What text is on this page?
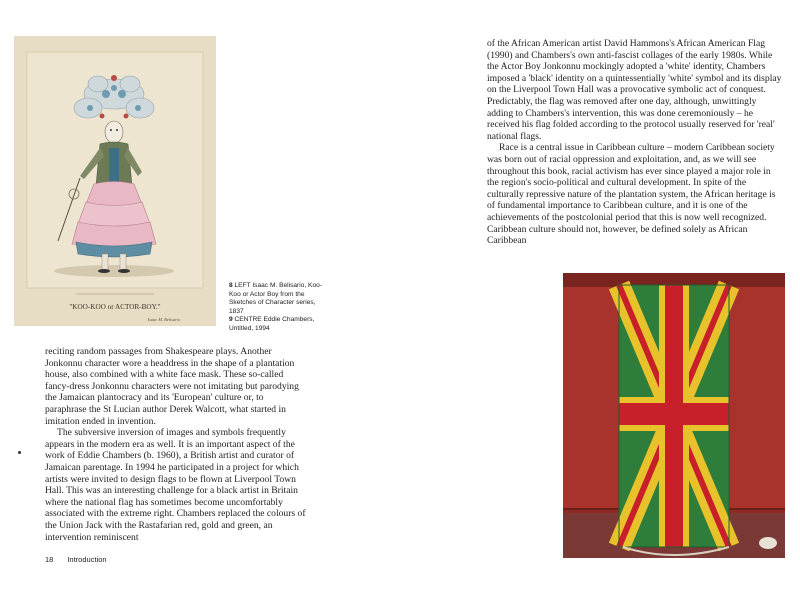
"KOO-KOO or ACTOR-BOY."
Isaac M. Belisario

8 LEFT Isaac M. Belisario, Koo-Koo or Actor Boy from the Sketches of Character series, 1837

9 CENTRE Eddie Chambers, Untitled, 1994

reciting random passages from Shakespeare plays. Another Jonkonnu character wore a headdress in the shape of a plantation house, also combined with a white face mask. These so-called fancy-dress Jonkonnu characters were not imitating but parodying the Jamaican plantocracy and its 'European' culture or, to paraphrase the St Lucian author Derek Walcott, what started in imitation ended in invention.

The subversive inversion of images and symbols frequently appears in the modern era as well. It is an important aspect of the work of Eddie Chambers (b. 1960), a British artist and curator of Jamaican parentage. In 1994 he participated in a project for which artists were invited to design flags to be flown at Liverpool Town Hall. This was an interesting challenge for a black artist in Britain where the national flag has sometimes become uncomfortably associated with the extreme right. Chambers replaced the colours of the Union Jack with the Rastafarian red, gold and green, an intervention reminiscent

18 Introduction

of the African American artist David Hammons's African American Flag (1990) and Chambers's own anti-fascist collages of the early 1980s. While the Actor Boy Jonkonnu mockingly adopted a 'white' identity, Chambers imposed a 'black' identity on a quintessentially 'white' symbol and its display on the Liverpool Town Hall was a provocative symbolic act of conquest. Predictably, the flag was removed after one day, although, unwittingly adding to Chambers's intervention, this was done ceremoniously – he received his flag folded according to the protocol usually reserved for 'real' national flags.

Race is a central issue in Caribbean culture – modern Caribbean society was born out of racial oppression and exploitation, and, as we will see throughout this book, racial activism has ever since played a major role in the region's socio-political and cultural development. In spite of the culturally repressive nature of the plantation system, the African heritage is of fundamental importance to Caribbean culture, and it is one of the achievements of the postcolonial period that this is now well recognized. Caribbean culture should not, however, be defined solely as African Caribbean
